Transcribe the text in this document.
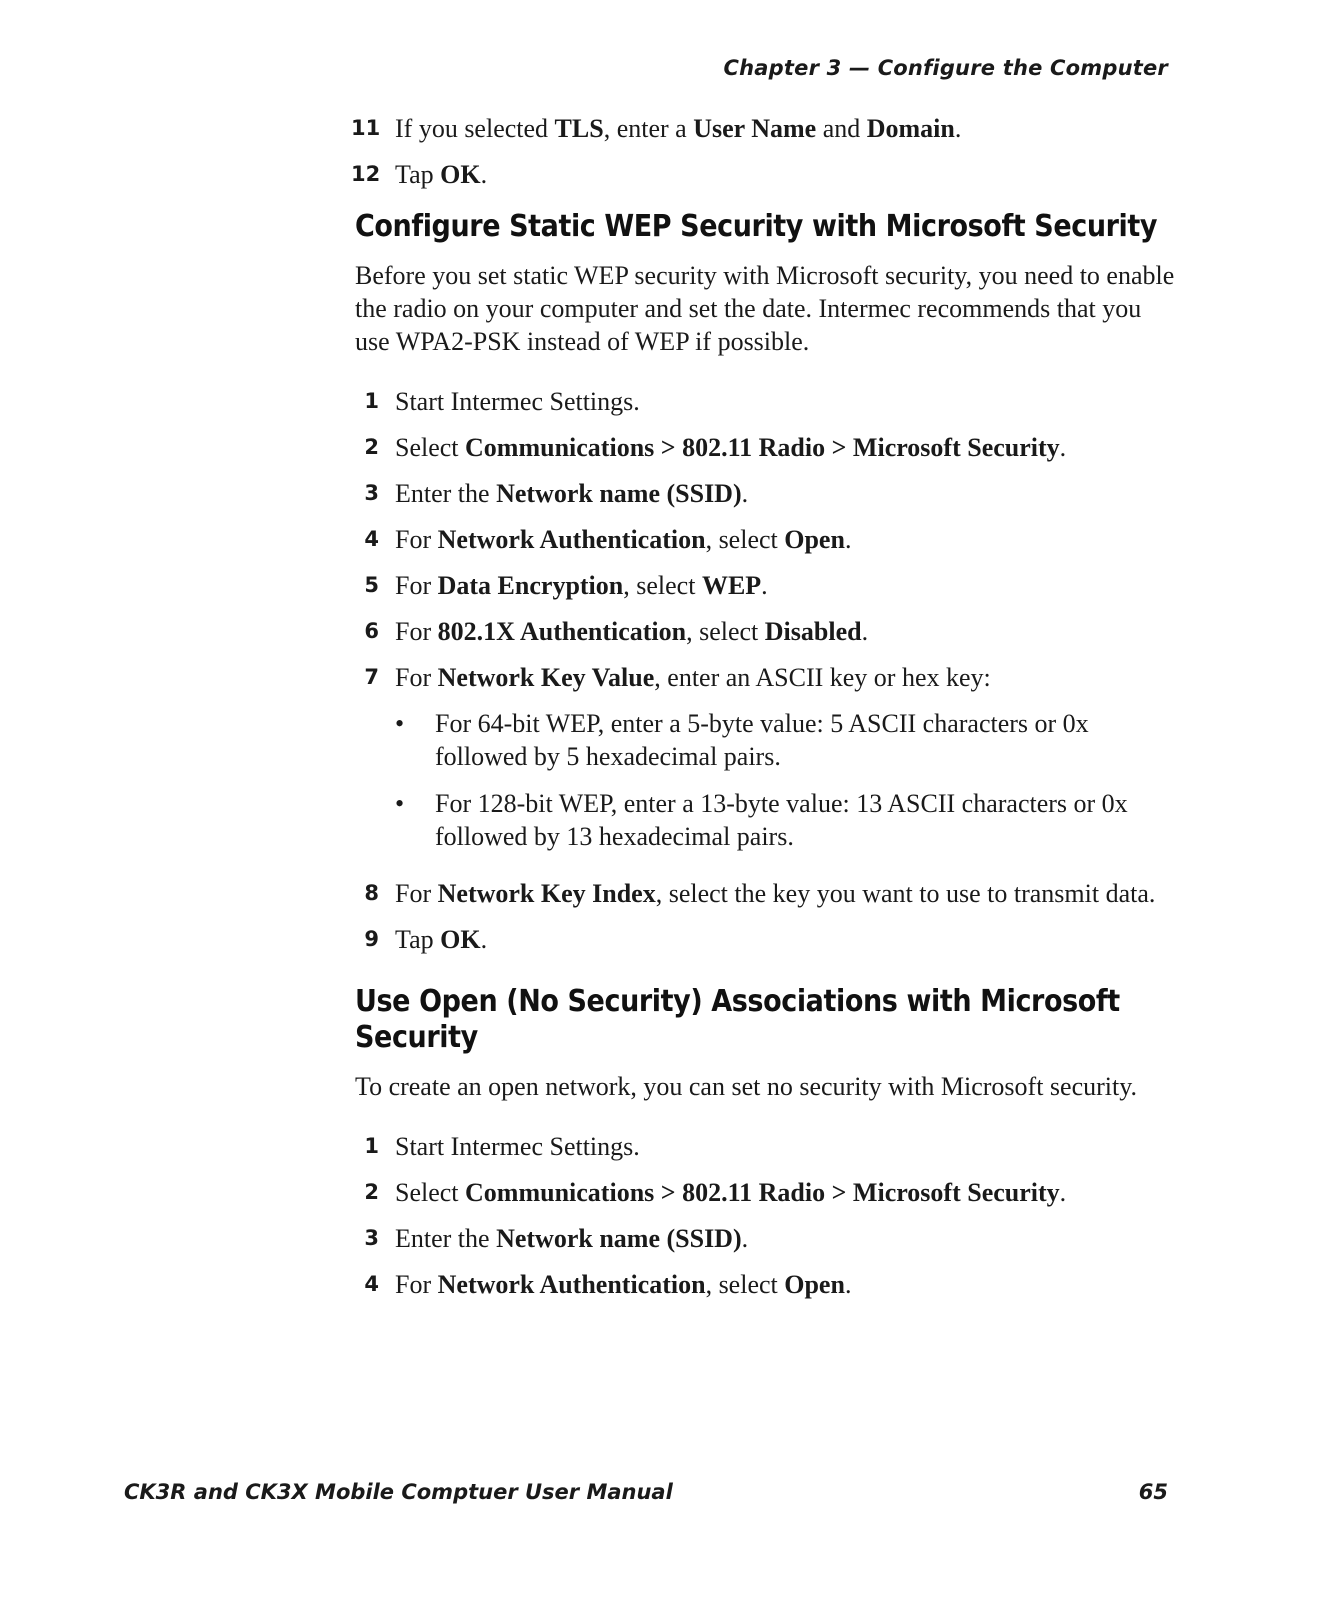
Chapter 3 — Configure the Computer
11 If you selected TLS, enter a User Name and Domain.
12 Tap OK.
Configure Static WEP Security with Microsoft Security

Before you set static WEP security with Microsoft security, you need to enable the radio on your computer and set the date. Intermec recommends that you use WPA2-PSK instead of WEP if possible.

1 Start Intermec Settings.
2 Select Communications > 802.11 Radio > Microsoft Security.
3 Enter the Network name (SSID).
4 For Network Authentication, select Open.
5 For Data Encryption, select WEP.
6 For 802.1X Authentication, select Disabled.
7 For Network Key Value, enter an ASCII key or hex key:
• For 64-bit WEP, enter a 5-byte value: 5 ASCII characters or 0x followed by 5 hexadecimal pairs.
• For 128-bit WEP, enter a 13-byte value: 13 ASCII characters or 0x followed by 13 hexadecimal pairs.
8 For Network Key Index, select the key you want to use to transmit data.
9 Tap OK.
Use Open (No Security) Associations with Microsoft Security

To create an open network, you can set no security with Microsoft security.

1 Start Intermec Settings.
2 Select Communications > 802.11 Radio > Microsoft Security.
3 Enter the Network name (SSID).
4 For Network Authentication, select Open.
CK3R and CK3X Mobile Comptuer User Manual	65
